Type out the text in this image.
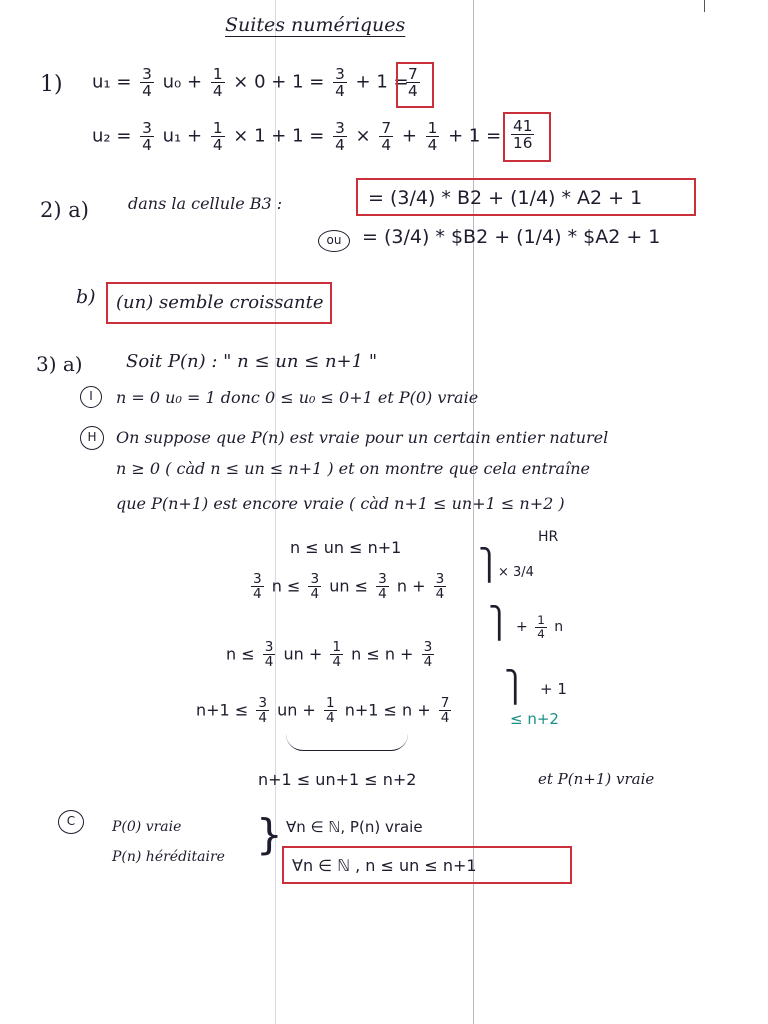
Suites numériques
1) $u_1 = \frac{3}{4} u_0 + \frac{1}{4} \times 0 + 1 = \frac{3}{4} + 1$ =
$\frac{7}{4}$
$u_2 = \frac{3}{4} u_1 + \frac{1}{4} \times 1 + 1 = \frac{3}{4} \times \frac{7}{4} + \frac{1}{4} + 1 = \frac{41}{16}$
2) a) dans la cellule B3 :	= (3/4) * B2 + (1/4) * A2 + 1
ou	= (3/4) * $B2 + (1/4) * $A2 + 1
b) (un) semble croissante
3) a) Soit P(n) : " n ≤ un ≤ n+1 "
I	n = 0 u₀ = 1 donc 0 ≤ u₀ ≤ 0+1 et P(0) vraie
H	On suppose que P(n) est vraie pour un certain entier naturel
n ≥ 0 ( càd n ≤ un ≤ n+1 ) et on montre que cela entraîne
que P(n+1) est encore vraie ( càd n+1 ≤ un+1 ≤ n+2 )
n ≤ un ≤ n+1
HR
$\frac{3}{4}$ $n \le \frac{3}{4}$ un ≤ $\frac{3}{4}$ $n + \frac{3}{4}$
⎫
× 3/4
$n \le \frac{3}{4}$ un + $\frac{1}{4}$ $n \le n + \frac{3}{4}$
⎫ + $\frac{1}{4}$ n
$n+1 \le \frac{3}{4}$ un + $\frac{1}{4} n+1 \le n + \frac{7}{4}$
⎫ + 1
≤ n+2
n+1 ≤ un+1 ≤ n+2	et P(n+1) vraie
C	P(0) vraie
P(n) héréditaire } ∀n ∈ ℕ, P(n) vraie
∀n ∈ ℕ , n ≤ un ≤ n+1
